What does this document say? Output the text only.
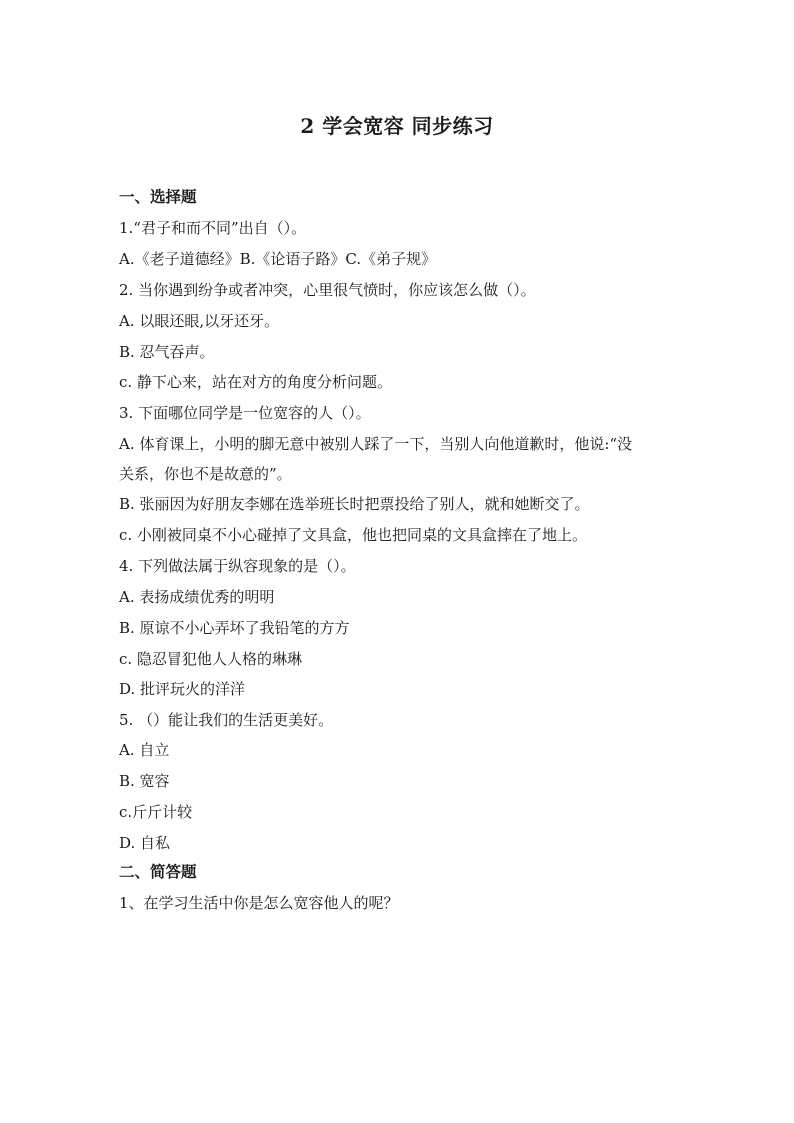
2 学会宽容 同步练习
一、选择题
1.“君子和而不同”出自（）。
A.《老子道德经》B.《论语子路》C.《弟子规》
2. 当你遇到纷争或者冲突，心里很气愤时，你应该怎么做（）。
A. 以眼还眼,以牙还牙。
B. 忍气吞声。
c. 静下心来，站在对方的角度分析问题。
3. 下面哪位同学是一位宽容的人（）。
A. 体育课上，小明的脚无意中被别人踩了一下，当别人向他道歉时，他说:“没
关系，你也不是故意的”。
B. 张丽因为好朋友李娜在选举班长时把票投给了别人，就和她断交了。
c. 小刚被同桌不小心碰掉了文具盒，他也把同桌的文具盒摔在了地上。
4. 下列做法属于纵容现象的是（）。
A. 表扬成绩优秀的明明
B. 原谅不小心弄坏了我铅笔的方方
c. 隐忍冒犯他人人格的琳琳
D. 批评玩火的洋洋
5. （）能让我们的生活更美好。
A. 自立
B. 宽容
c.斤斤计较
D. 自私
二、简答题
1、在学习生活中你是怎么宽容他人的呢？
